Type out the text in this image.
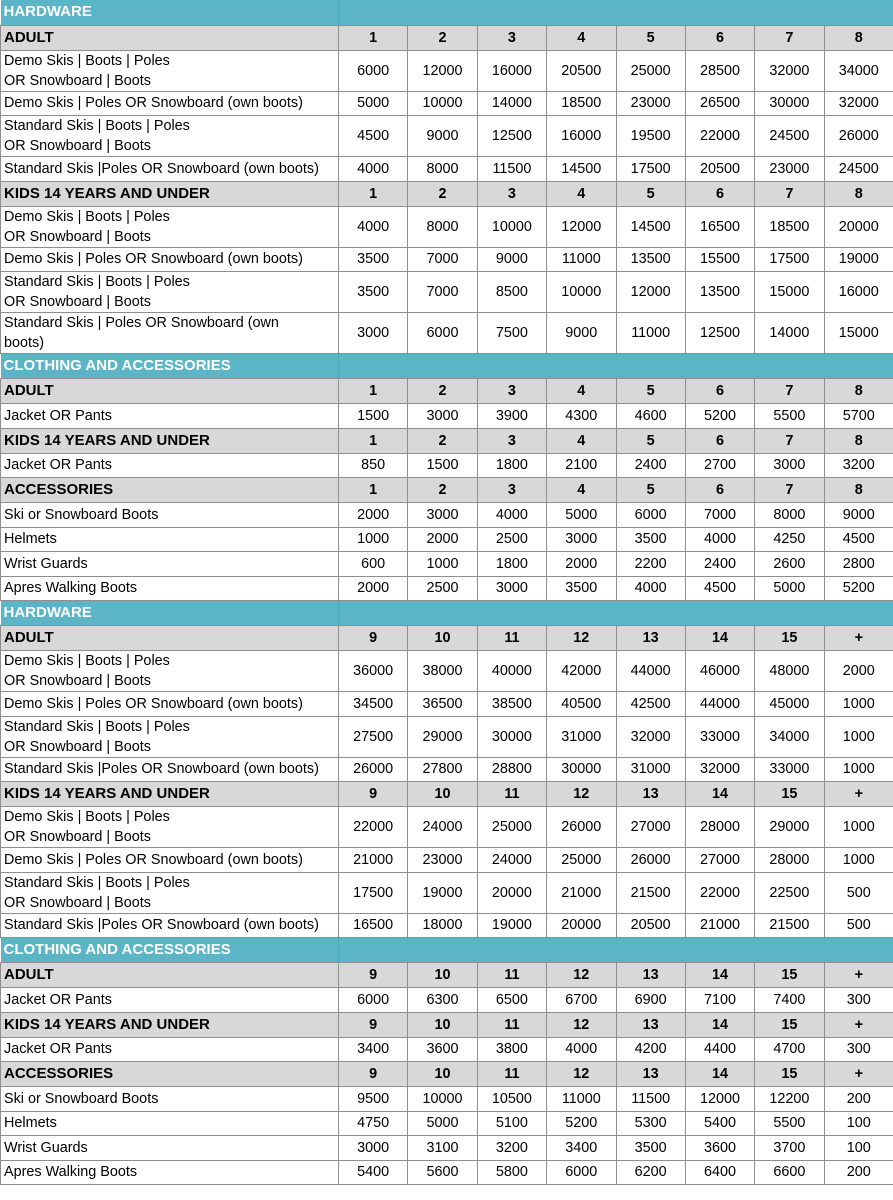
HARDWARE								
ADULT	1	2	3	4	5	6	7	8
Demo Skis | Boots | Poles
OR Snowboard | Boots	6000	12000	16000	20500	25000	28500	32000	34000
Demo Skis | Poles OR Snowboard (own boots)	5000	10000	14000	18500	23000	26500	30000	32000
Standard Skis | Boots | Poles
OR Snowboard | Boots	4500	9000	12500	16000	19500	22000	24500	26000
Standard Skis |Poles OR Snowboard (own boots)	4000	8000	11500	14500	17500	20500	23000	24500
KIDS 14 YEARS AND UNDER	1	2	3	4	5	6	7	8
Demo Skis | Boots | Poles
OR Snowboard | Boots	4000	8000	10000	12000	14500	16500	18500	20000
Demo Skis | Poles OR Snowboard (own boots)	3500	7000	9000	11000	13500	15500	17500	19000
Standard Skis | Boots | Poles
OR Snowboard | Boots	3500	7000	8500	10000	12000	13500	15000	16000
Standard Skis | Poles OR Snowboard (own
boots)	3000	6000	7500	9000	11000	12500	14000	15000
CLOTHING AND ACCESSORIES								
ADULT	1	2	3	4	5	6	7	8
Jacket OR Pants	1500	3000	3900	4300	4600	5200	5500	5700
KIDS 14 YEARS AND UNDER	1	2	3	4	5	6	7	8
Jacket OR Pants	850	1500	1800	2100	2400	2700	3000	3200
ACCESSORIES	1	2	3	4	5	6	7	8
Ski or Snowboard Boots	2000	3000	4000	5000	6000	7000	8000	9000
Helmets	1000	2000	2500	3000	3500	4000	4250	4500
Wrist Guards	600	1000	1800	2000	2200	2400	2600	2800
Apres Walking Boots	2000	2500	3000	3500	4000	4500	5000	5200
HARDWARE								
ADULT	9	10	11	12	13	14	15	+
Demo Skis | Boots | Poles
OR Snowboard | Boots	36000	38000	40000	42000	44000	46000	48000	2000
Demo Skis | Poles OR Snowboard (own boots)	34500	36500	38500	40500	42500	44000	45000	1000
Standard Skis | Boots | Poles
OR Snowboard | Boots	27500	29000	30000	31000	32000	33000	34000	1000
Standard Skis |Poles OR Snowboard (own boots)	26000	27800	28800	30000	31000	32000	33000	1000
KIDS 14 YEARS AND UNDER	9	10	11	12	13	14	15	+
Demo Skis | Boots | Poles
OR Snowboard | Boots	22000	24000	25000	26000	27000	28000	29000	1000
Demo Skis | Poles OR Snowboard (own boots)	21000	23000	24000	25000	26000	27000	28000	1000
Standard Skis | Boots | Poles
OR Snowboard | Boots	17500	19000	20000	21000	21500	22000	22500	500
Standard Skis |Poles OR Snowboard (own boots)	16500	18000	19000	20000	20500	21000	21500	500
CLOTHING AND ACCESSORIES								
ADULT	9	10	11	12	13	14	15	+
Jacket OR Pants	6000	6300	6500	6700	6900	7100	7400	300
KIDS 14 YEARS AND UNDER	9	10	11	12	13	14	15	+
Jacket OR Pants	3400	3600	3800	4000	4200	4400	4700	300
ACCESSORIES	9	10	11	12	13	14	15	+
Ski or Snowboard Boots	9500	10000	10500	11000	11500	12000	12200	200
Helmets	4750	5000	5100	5200	5300	5400	5500	100
Wrist Guards	3000	3100	3200	3400	3500	3600	3700	100
Apres Walking Boots	5400	5600	5800	6000	6200	6400	6600	200
